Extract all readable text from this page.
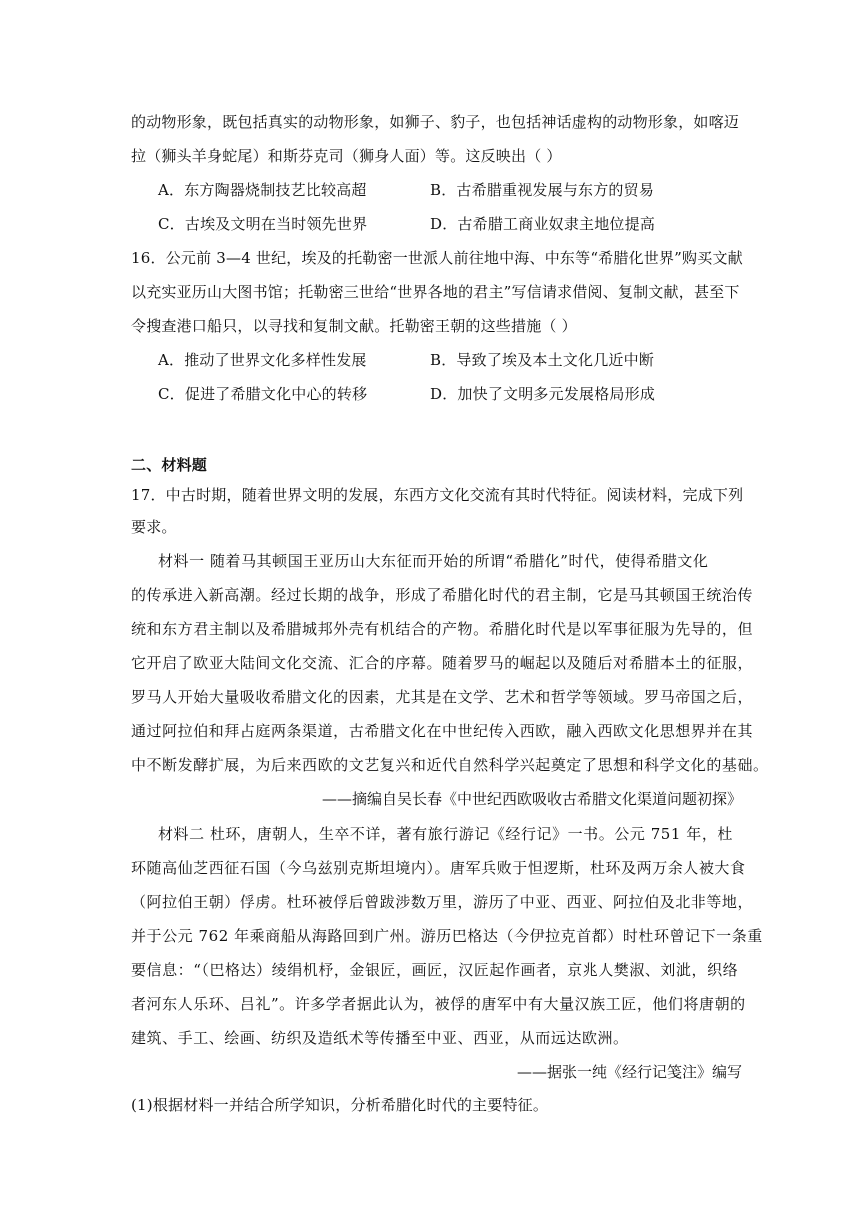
的动物形象，既包括真实的动物形象，如狮子、豹子，也包括神话虚构的动物形象，如喀迈
拉（狮头羊身蛇尾）和斯芬克司（狮身人面）等。这反映出（ ）
A．东方陶器烧制技艺比较高超	B．古希腊重视发展与东方的贸易
C．古埃及文明在当时领先世界	D．古希腊工商业奴隶主地位提高
16．公元前 3—4 世纪，埃及的托勒密一世派人前往地中海、中东等“希腊化世界”购买文献
以充实亚历山大图书馆；托勒密三世给“世界各地的君主”写信请求借阅、复制文献，甚至下
令搜查港口船只，以寻找和复制文献。托勒密王朝的这些措施（ ）
A．推动了世界文化多样性发展	B．导致了埃及本土文化几近中断
C．促进了希腊文化中心的转移	D．加快了文明多元发展格局形成
二、材料题
17．中古时期，随着世界文明的发展，东西方文化交流有其时代特征。阅读材料，完成下列
要求。
材料一 随着马其顿国王亚历山大东征而开始的所谓“希腊化”时代，使得希腊文化
的传承进入新高潮。经过长期的战争，形成了希腊化时代的君主制，它是马其顿国王统治传
统和东方君主制以及希腊城邦外壳有机结合的产物。希腊化时代是以军事征服为先导的，但
它开启了欧亚大陆间文化交流、汇合的序幕。随着罗马的崛起以及随后对希腊本土的征服，
罗马人开始大量吸收希腊文化的因素，尤其是在文学、艺术和哲学等领域。罗马帝国之后，
通过阿拉伯和拜占庭两条渠道，古希腊文化在中世纪传入西欧，融入西欧文化思想界并在其
中不断发酵扩展，为后来西欧的文艺复兴和近代自然科学兴起奠定了思想和科学文化的基础。
——摘编自吴长春《中世纪西欧吸收古希腊文化渠道问题初探》
材料二 杜环，唐朝人，生卒不详，著有旅行游记《经行记》一书。公元 751 年，杜
环随高仙芝西征石国（今乌兹别克斯坦境内）。唐军兵败于怛逻斯，杜环及两万余人被大食
（阿拉伯王朝）俘虏。杜环被俘后曾跋涉数万里，游历了中亚、西亚、阿拉伯及北非等地，
并于公元 762 年乘商船从海路回到广州。游历巴格达（今伊拉克首都）时杜环曾记下一条重
要信息：“（巴格达）绫绢机杼，金银匠，画匠，汉匠起作画者，京兆人樊淑、刘泚，织络
者河东人乐环、吕礼”。许多学者据此认为，被俘的唐军中有大量汉族工匠，他们将唐朝的
建筑、手工、绘画、纺织及造纸术等传播至中亚、西亚，从而远达欧洲。
——据张一纯《经行记笺注》编写
(1)根据材料一并结合所学知识，分析希腊化时代的主要特征。
